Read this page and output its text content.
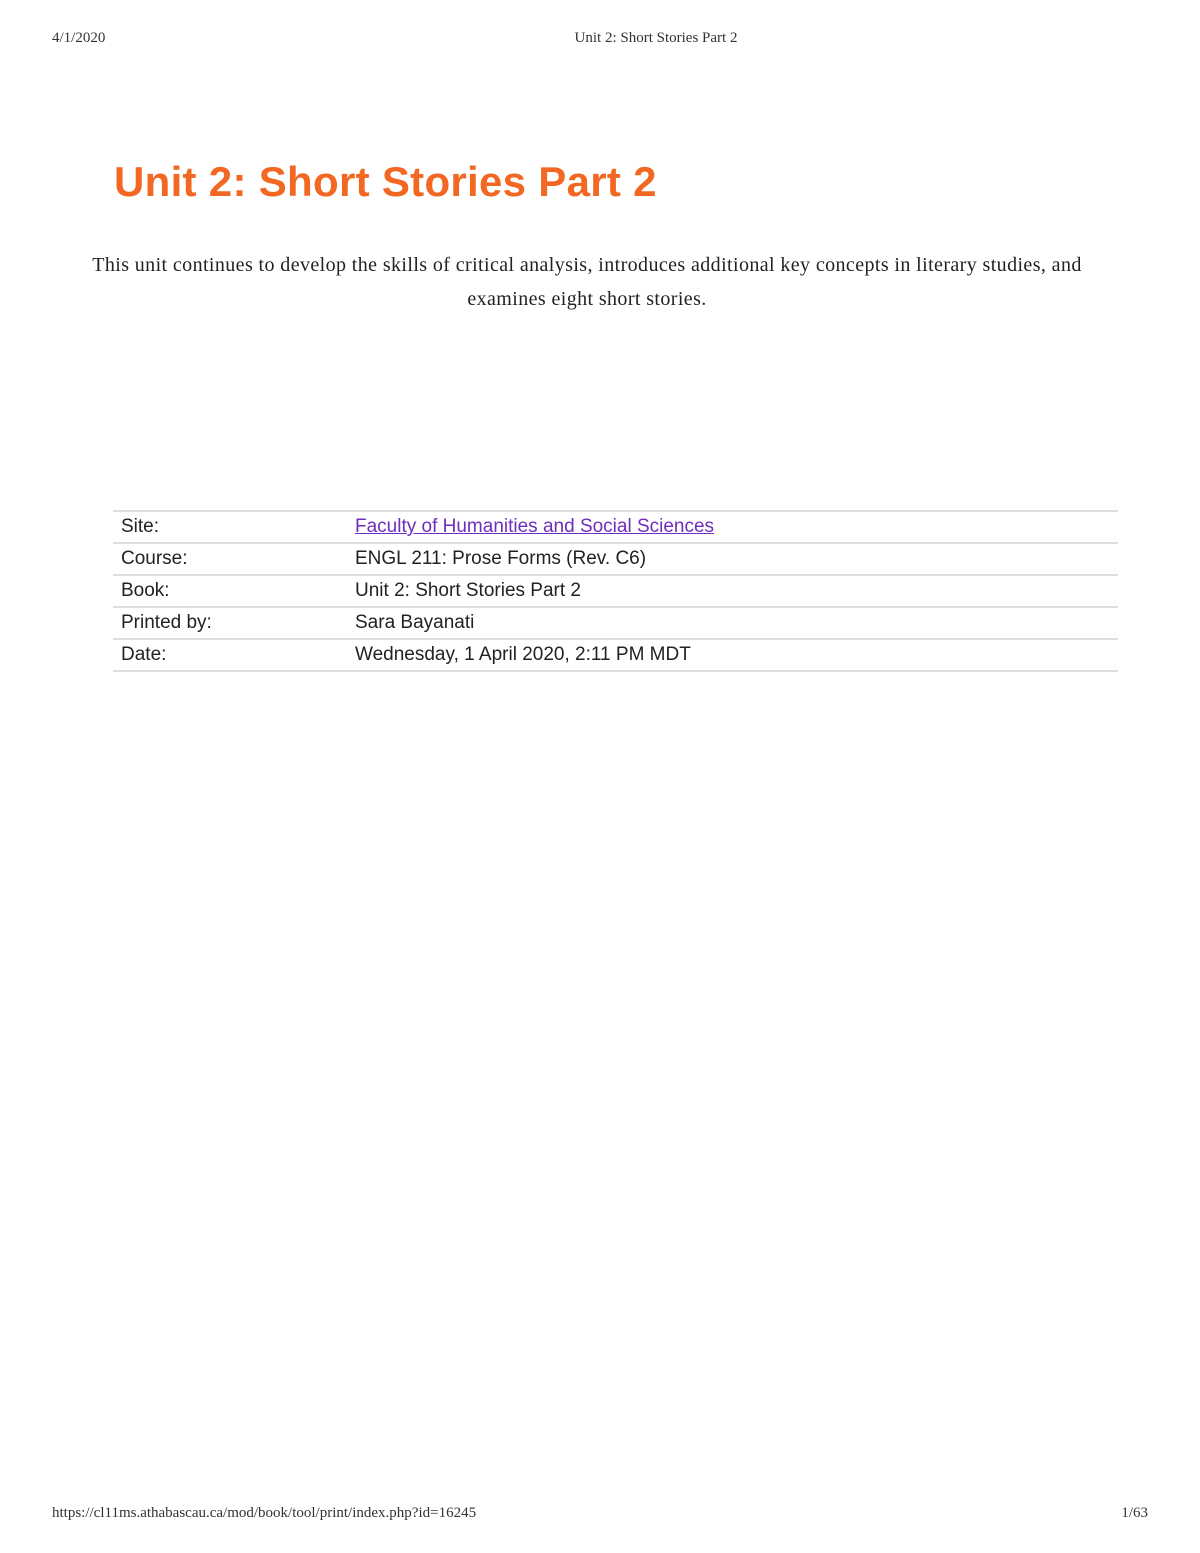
4/1/2020	Unit 2: Short Stories Part 2
Unit 2: Short Stories Part 2

This unit continues to develop the skills of critical analysis, introduces additional key concepts in literary studies, and examines eight short stories.

Site:	Faculty of Humanities and Social Sciences
Course:	ENGL 211: Prose Forms (Rev. C6)
Book:	Unit 2: Short Stories Part 2
Printed by:	Sara Bayanati
Date:	Wednesday, 1 April 2020, 2:11 PM MDT
https://cl11ms.athabascau.ca/mod/book/tool/print/index.php?id=16245	1/63
